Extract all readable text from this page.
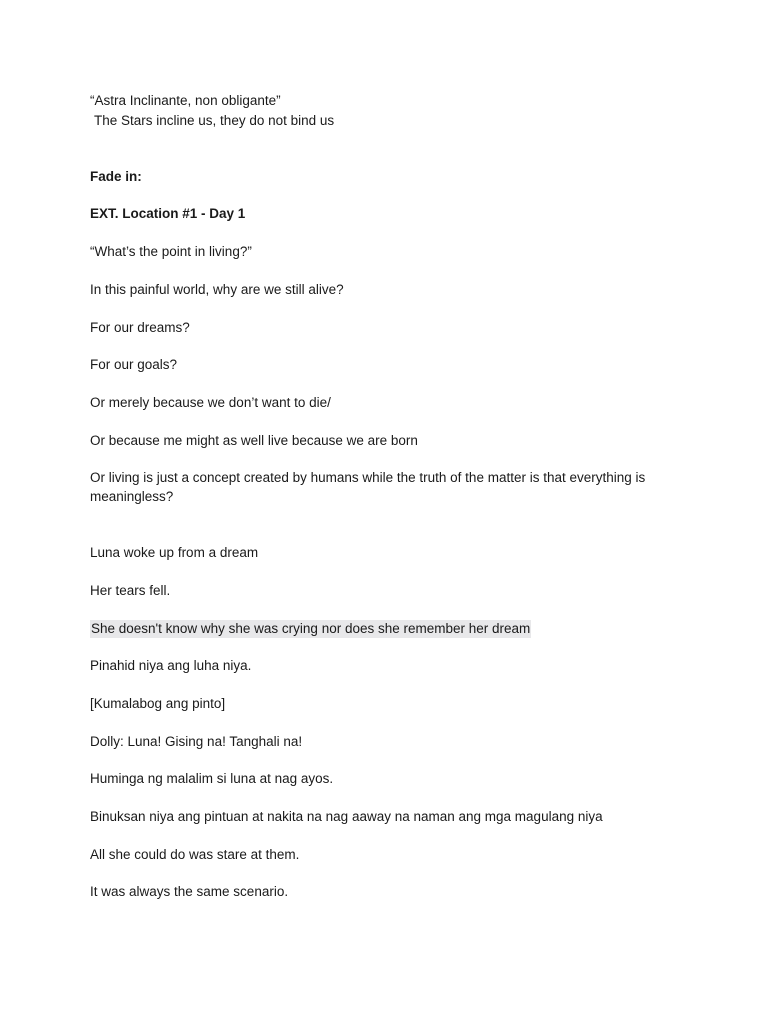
“Astra Inclinante, non obligante”
The Stars incline us, they do not bind us
Fade in:
EXT. Location #1 - Day 1
“What’s the point in living?”
In this painful world, why are we still alive?
For our dreams?
For our goals?
Or merely because we don’t want to die/
Or because me might as well live because we are born
Or living is just a concept created by humans while the truth of the matter is that everything is meaningless?
Luna woke up from a dream
Her tears fell.
She doesn't know why she was crying nor does she remember her dream
Pinahid niya ang luha niya.
[Kumalabog ang pinto]
Dolly: Luna! Gising na! Tanghali na!
Huminga ng malalim si luna at nag ayos.
Binuksan niya ang pintuan at nakita na nag aaway na naman ang mga magulang niya
All she could do was stare at them.
It was always the same scenario.
